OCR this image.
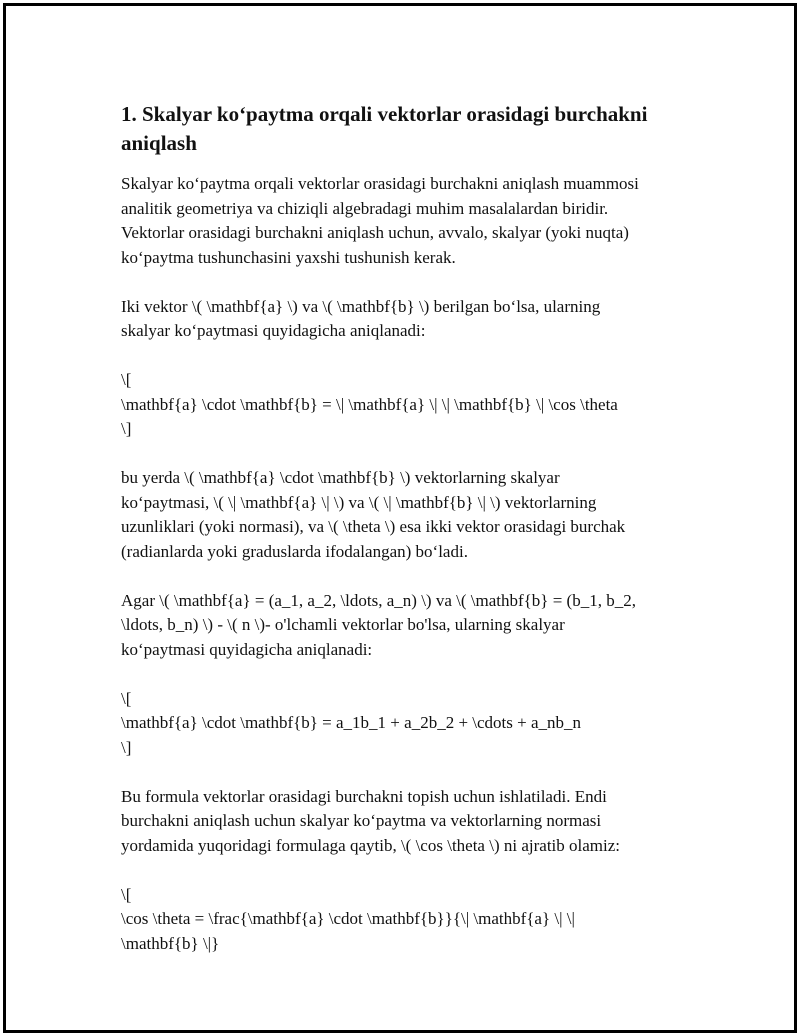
1. Skalyar ko‘paytma orqali vektorlar orasidagi burchakni aniqlash
Skalyar ko‘paytma orqali vektorlar orasidagi burchakni aniqlash muammosi
analitik geometriya va chiziqli algebradagi muhim masalalardan biridir.
Vektorlar orasidagi burchakni aniqlash uchun, avvalo, skalyar (yoki nuqta)
ko‘paytma tushunchasini yaxshi tushunish kerak.
Iki vektor \( \mathbf{a} \) va \( \mathbf{b} \) berilgan bo‘lsa, ularning
skalyar ko‘paytmasi quyidagicha aniqlanadi:
\[
\mathbf{a} \cdot \mathbf{b} = \| \mathbf{a} \| \| \mathbf{b} \| \cos \theta
\]
bu yerda \( \mathbf{a} \cdot \mathbf{b} \) vektorlarning skalyar
ko‘paytmasi, \( \| \mathbf{a} \| \) va \( \| \mathbf{b} \| \) vektorlarning
uzunliklari (yoki normasi), va \( \theta \) esa ikki vektor orasidagi burchak
(radianlarda yoki graduslarda ifodalangan) bo‘ladi.
Agar \( \mathbf{a} = (a_1, a_2, \ldots, a_n) \) va \( \mathbf{b} = (b_1, b_2,
\ldots, b_n) \) - \( n \)- o'lchamli vektorlar bo'lsa, ularning skalyar
ko‘paytmasi quyidagicha aniqlanadi:
\[
\mathbf{a} \cdot \mathbf{b} = a_1b_1 + a_2b_2 + \cdots + a_nb_n
\]
Bu formula vektorlar orasidagi burchakni topish uchun ishlatiladi. Endi
burchakni aniqlash uchun skalyar ko‘paytma va vektorlarning normasi
yordamida yuqoridagi formulaga qaytib, \( \cos \theta \) ni ajratib olamiz:
\[
\cos \theta = \frac{\mathbf{a} \cdot \mathbf{b}}{\| \mathbf{a} \| \|
\mathbf{b} \|}
